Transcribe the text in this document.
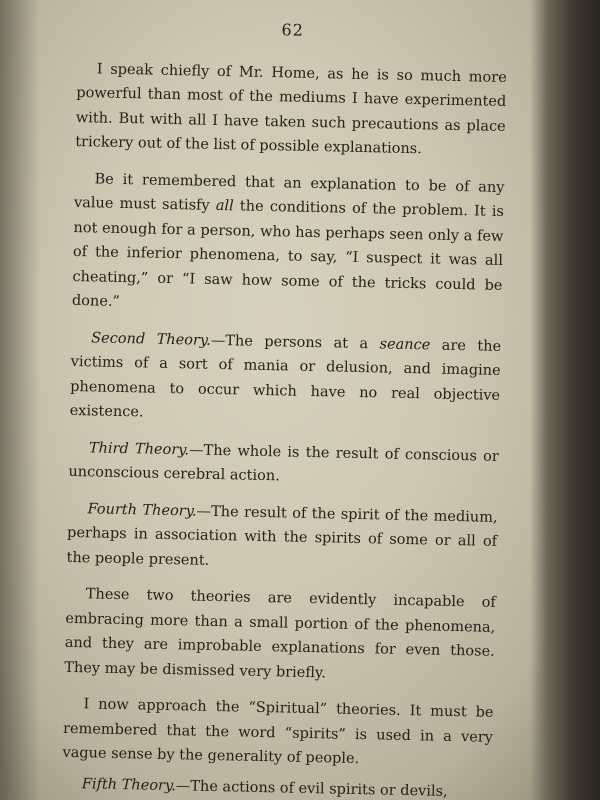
62

I speak chiefly of Mr. Home, as he is so much more powerful than most of the mediums I have experimented with. But with all I have taken such precautions as place trickery out of the list of possible explanations.

Be it remembered that an explanation to be of any value must satisfy all the conditions of the problem. It is not enough for a person, who has perhaps seen only a few of the inferior phenomena, to say, “I suspect it was all cheating,” or “I saw how some of the tricks could be done.”

Second Theory.—The persons at a seance are the victims of a sort of mania or delusion, and imagine phenomena to occur which have no real objective existence.

Third Theory.—The whole is the result of conscious or unconscious cerebral action.

Fourth Theory.—The result of the spirit of the medium, perhaps in association with the spirits of some or all of the people present.

These two theories are evidently incapable of embracing more than a small portion of the phenomena, and they are improbable explanations for even those. They may be dismissed very briefly.

I now approach the “Spiritual” theories. It must be remembered that the word “spirits” is used in a very vague sense by the generality of people.

Fifth Theory.—The actions of evil spirits or devils,
